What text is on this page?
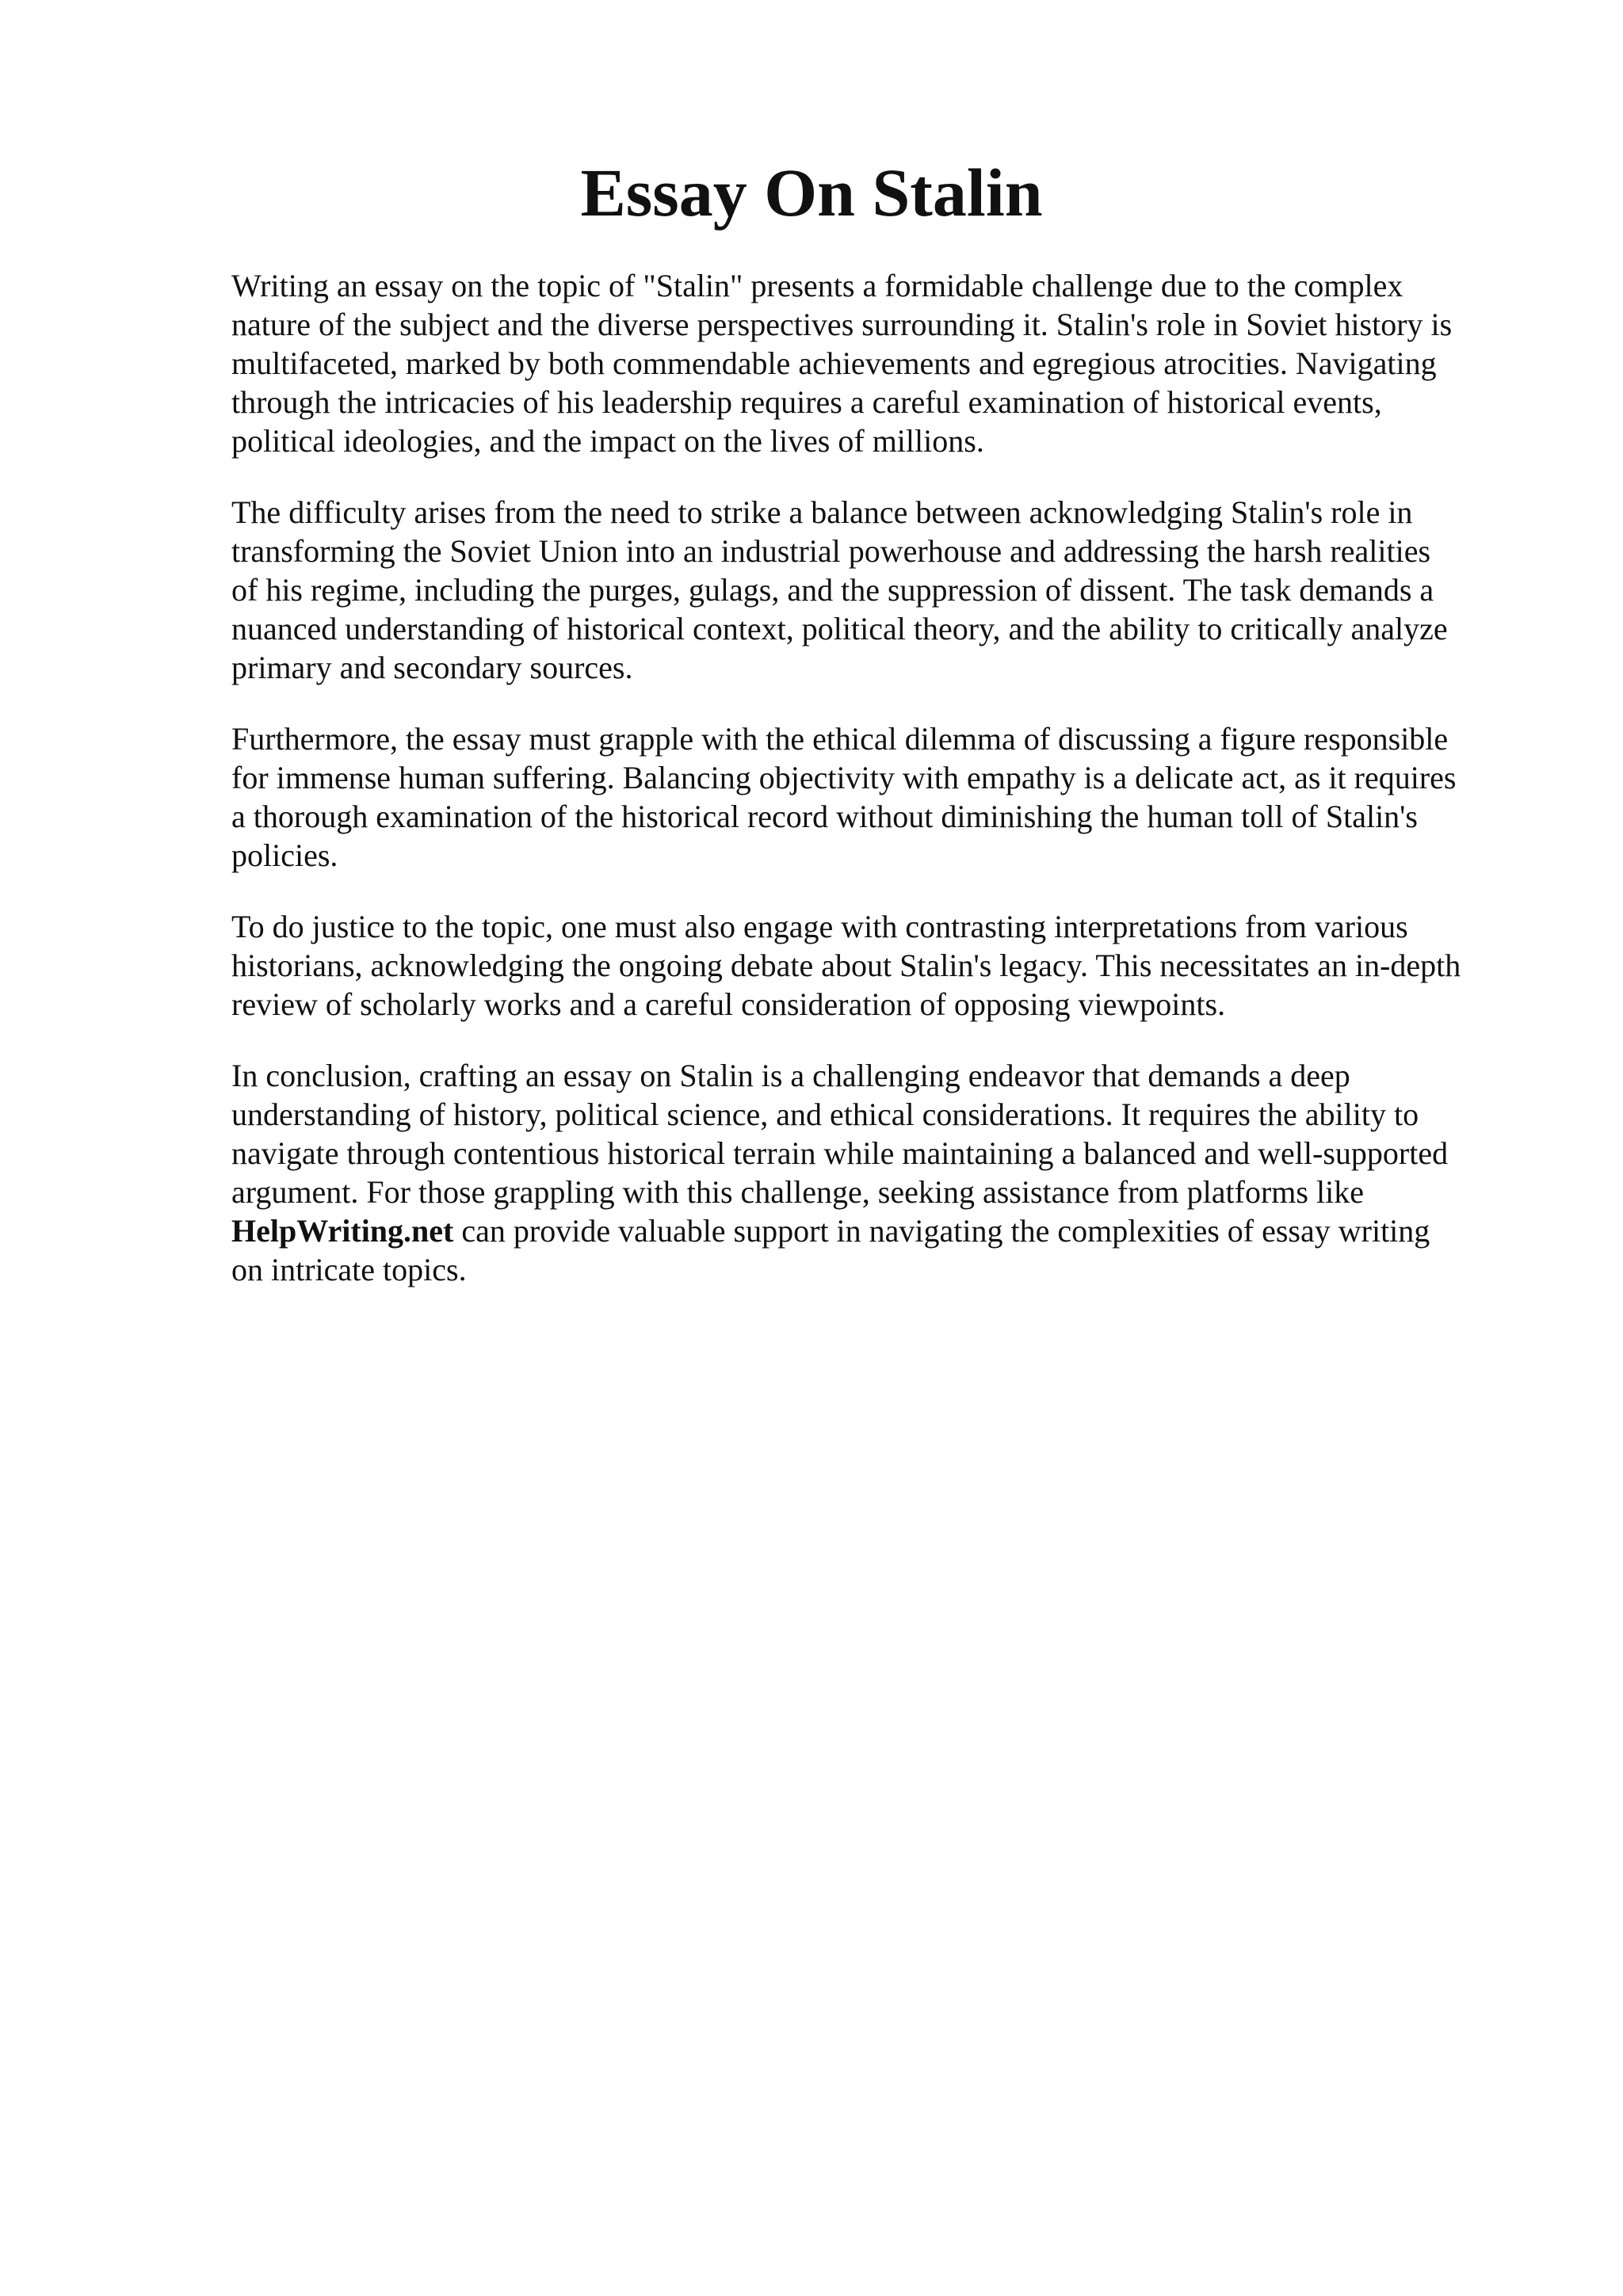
Essay On Stalin

Writing an essay on the topic of "Stalin" presents a formidable challenge due to the complex
nature of the subject and the diverse perspectives surrounding it. Stalin's role in Soviet history is
multifaceted, marked by both commendable achievements and egregious atrocities. Navigating
through the intricacies of his leadership requires a careful examination of historical events,
political ideologies, and the impact on the lives of millions.

The difficulty arises from the need to strike a balance between acknowledging Stalin's role in
transforming the Soviet Union into an industrial powerhouse and addressing the harsh realities
of his regime, including the purges, gulags, and the suppression of dissent. The task demands a
nuanced understanding of historical context, political theory, and the ability to critically analyze
primary and secondary sources.

Furthermore, the essay must grapple with the ethical dilemma of discussing a figure responsible
for immense human suffering. Balancing objectivity with empathy is a delicate act, as it requires
a thorough examination of the historical record without diminishing the human toll of Stalin's
policies.

To do justice to the topic, one must also engage with contrasting interpretations from various
historians, acknowledging the ongoing debate about Stalin's legacy. This necessitates an in-depth
review of scholarly works and a careful consideration of opposing viewpoints.

In conclusion, crafting an essay on Stalin is a challenging endeavor that demands a deep
understanding of history, political science, and ethical considerations. It requires the ability to
navigate through contentious historical terrain while maintaining a balanced and well-supported
argument. For those grappling with this challenge, seeking assistance from platforms like
HelpWriting.net can provide valuable support in navigating the complexities of essay writing
on intricate topics.
